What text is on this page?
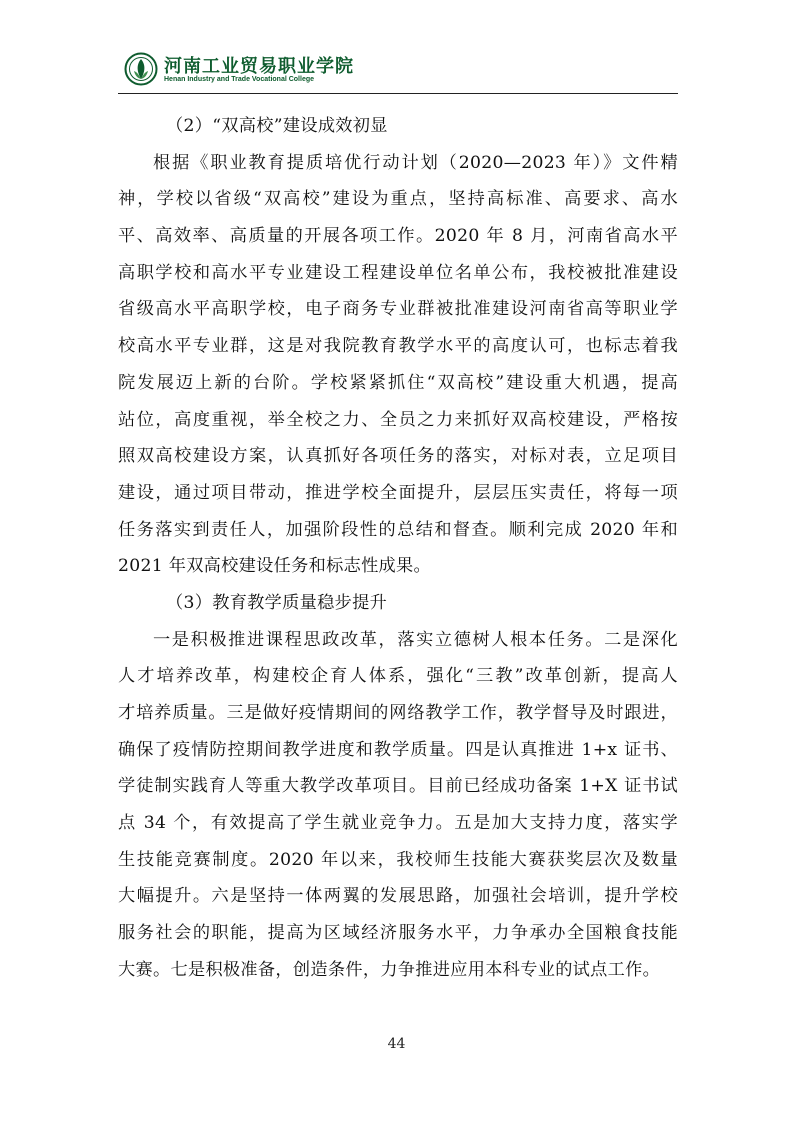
河南工业贸易职业学院
Henan Industry and Trade Vocational College
（2）“双高校”建设成效初显
根据《职业教育提质培优行动计划（2020—2023 年）》文件精
神，学校以省级“双高校”建设为重点，坚持高标准、高要求、高水
平、高效率、高质量的开展各项工作。2020 年 8 月，河南省高水平
高职学校和高水平专业建设工程建设单位名单公布，我校被批准建设
省级高水平高职学校，电子商务专业群被批准建设河南省高等职业学
校高水平专业群，这是对我院教育教学水平的高度认可，也标志着我
院发展迈上新的台阶。学校紧紧抓住“双高校”建设重大机遇，提高
站位，高度重视，举全校之力、全员之力来抓好双高校建设，严格按
照双高校建设方案，认真抓好各项任务的落实，对标对表，立足项目
建设，通过项目带动，推进学校全面提升，层层压实责任，将每一项
任务落实到责任人，加强阶段性的总结和督查。顺利完成 2020 年和
2021 年双高校建设任务和标志性成果。
（3）教育教学质量稳步提升
一是积极推进课程思政改革，落实立德树人根本任务。二是深化
人才培养改革，构建校企育人体系，强化“三教”改革创新，提高人
才培养质量。三是做好疫情期间的网络教学工作，教学督导及时跟进，
确保了疫情防控期间教学进度和教学质量。四是认真推进 1+x 证书、
学徒制实践育人等重大教学改革项目。目前已经成功备案 1+X 证书试
点 34 个，有效提高了学生就业竞争力。五是加大支持力度，落实学
生技能竞赛制度。2020 年以来，我校师生技能大赛获奖层次及数量
大幅提升。六是坚持一体两翼的发展思路，加强社会培训，提升学校
服务社会的职能，提高为区域经济服务水平，力争承办全国粮食技能
大赛。七是积极准备，创造条件，力争推进应用本科专业的试点工作。
44
